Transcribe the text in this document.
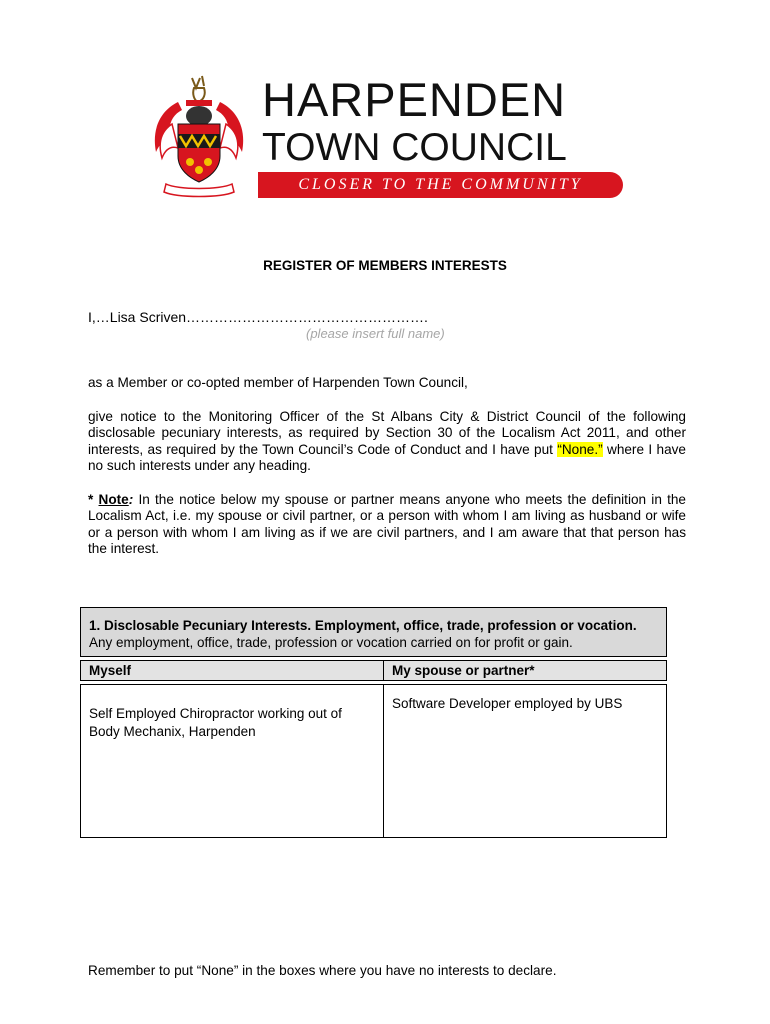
HARPENDEN
TOWN COUNCIL
CLOSER TO THE COMMUNITY
REGISTER OF MEMBERS INTERESTS
I,…Lisa Scriven…………………………………………….
(please insert full name)
as a Member or co-opted member of Harpenden Town Council,
give notice to the Monitoring Officer of the St Albans City & District Council of the following disclosable pecuniary interests, as required by Section 30 of the Localism Act 2011, and other interests, as required by the Town Council’s Code of Conduct and I have put “None.” where I have no such interests under any heading.
* Note: In the notice below my spouse or partner means anyone who meets the definition in the Localism Act, i.e. my spouse or civil partner, or a person with whom I am living as husband or wife or a person with whom I am living as if we are civil partners, and I am aware that that person has the interest.
1. Disclosable Pecuniary Interests. Employment, office, trade, profession or vocation.
Any employment, office, trade, profession or vocation carried on for profit or gain.	

Myself	My spouse or partner*

Self Employed Chiropractor working out of Body Mechanix, Harpenden	Software Developer employed by UBS
Remember to put “None” in the boxes where you have no interests to declare.
